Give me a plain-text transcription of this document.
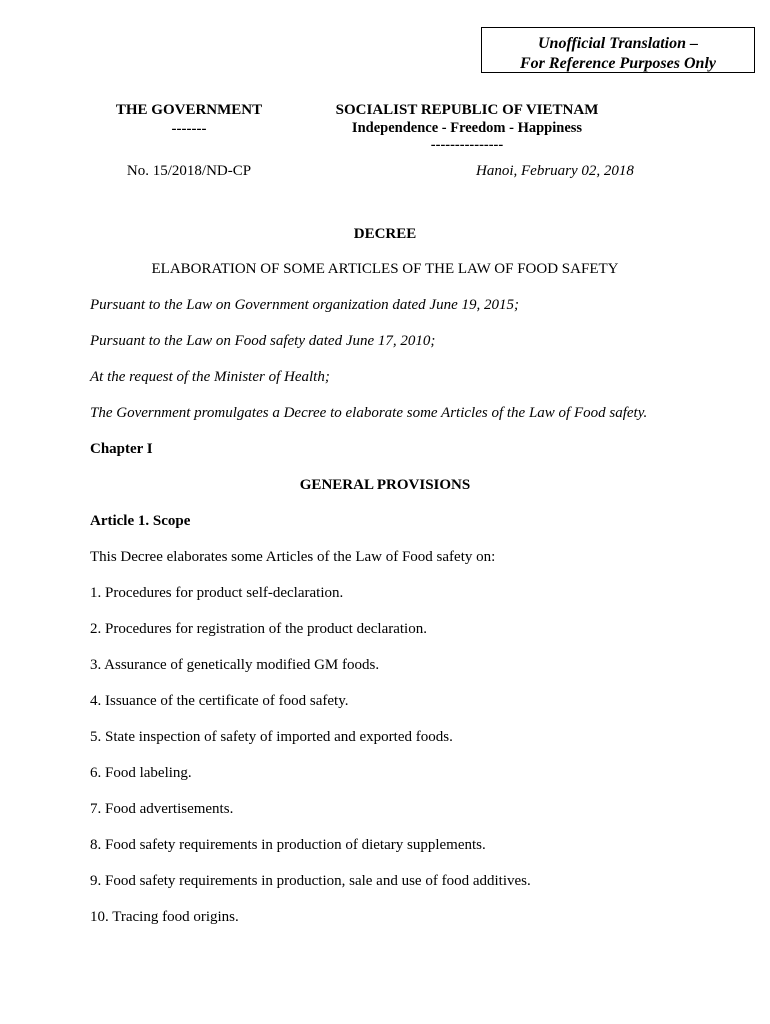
Unofficial Translation –
For Reference Purposes Only
THE GOVERNMENT
-------
No. 15/2018/ND-CP
SOCIALIST REPUBLIC OF VIETNAM
Independence - Freedom - Happiness
---------------
Hanoi, February 02, 2018
DECREE
ELABORATION OF SOME ARTICLES OF THE LAW OF FOOD SAFETY
Pursuant to the Law on Government organization dated June 19, 2015;
Pursuant to the Law on Food safety dated June 17, 2010;
At the request of the Minister of Health;
The Government promulgates a Decree to elaborate some Articles of the Law of Food safety.
Chapter I
GENERAL PROVISIONS
Article 1. Scope
This Decree elaborates some Articles of the Law of Food safety on:
1. Procedures for product self-declaration.
2. Procedures for registration of the product declaration.
3. Assurance of genetically modified GM foods.
4. Issuance of the certificate of food safety.
5. State inspection of safety of imported and exported foods.
6. Food labeling.
7. Food advertisements.
8. Food safety requirements in production of dietary supplements.
9. Food safety requirements in production, sale and use of food additives.
10. Tracing food origins.
